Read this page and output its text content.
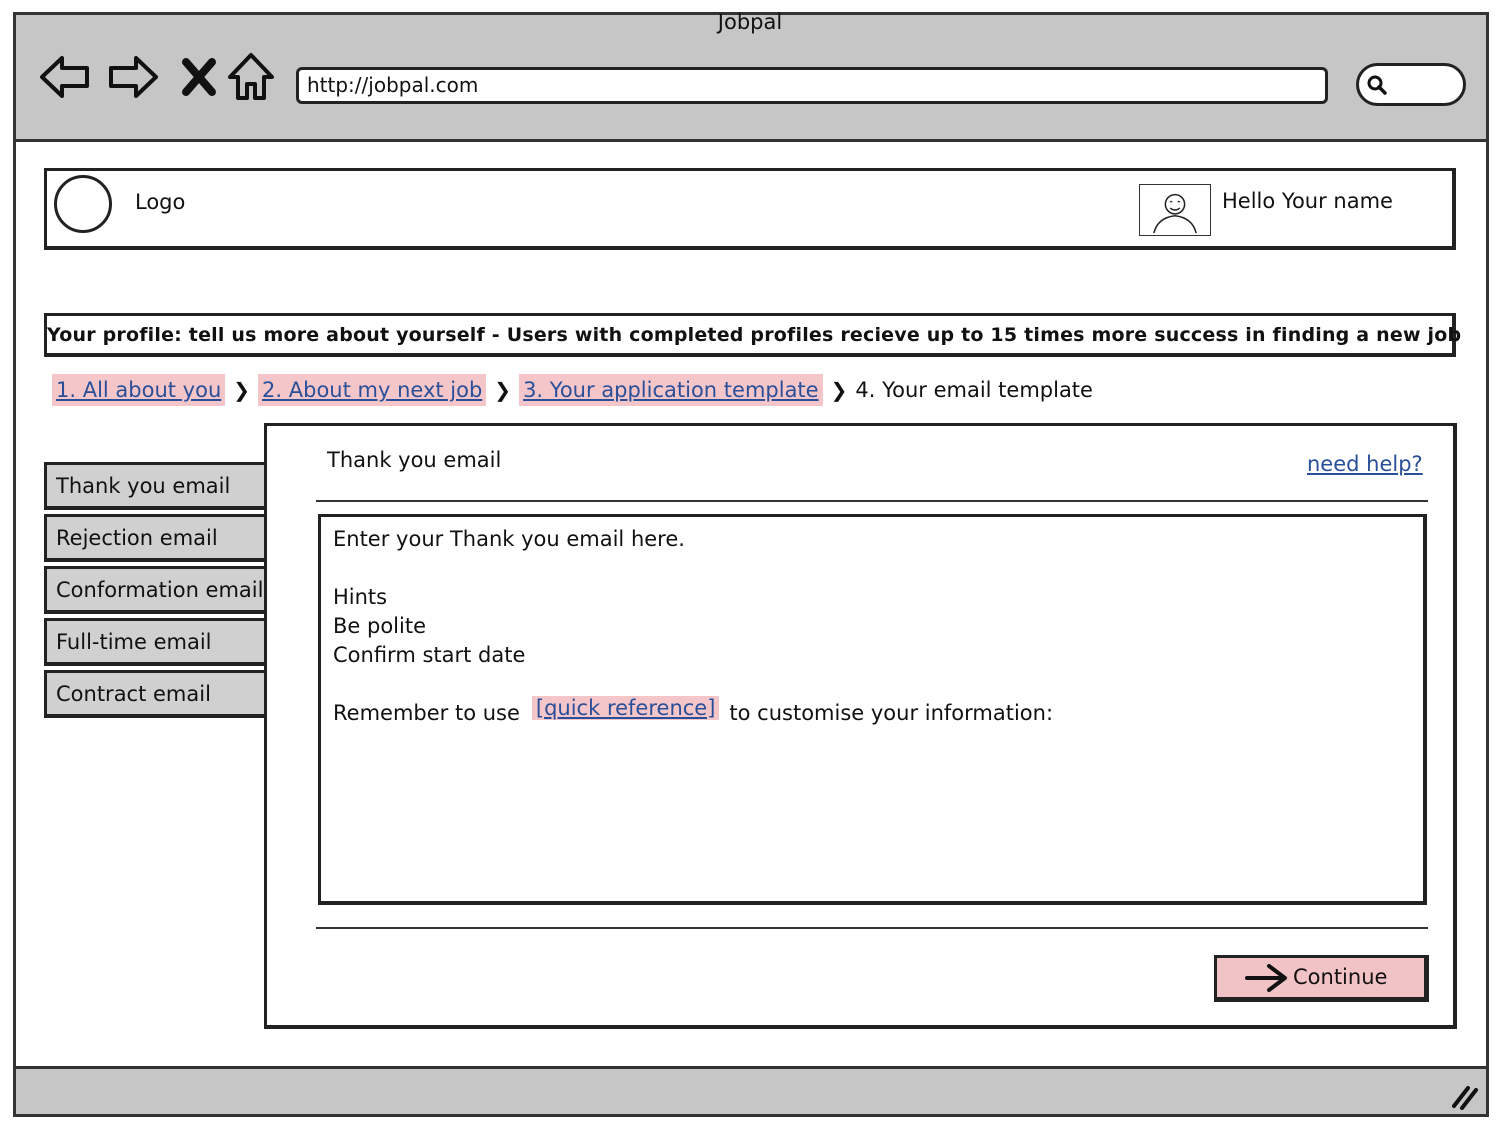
Jobpal
http://jobpal.com
Logo	Hello Your name
Your profile: tell us more about yourself - Users with completed profiles recieve up to 15 times more success in finding a new job
1. All about you ❯ 2. About my next job ❯ 3. Your application template ❯ 4. Your email template
Thank you email
Rejection email
Conformation email
Full-time email
Contract email
Thank you email	need help?
Enter your Thank you email here.
Hints
Be polite
Confirm start date
Remember to use [quick reference] to customise your information:
Continue
